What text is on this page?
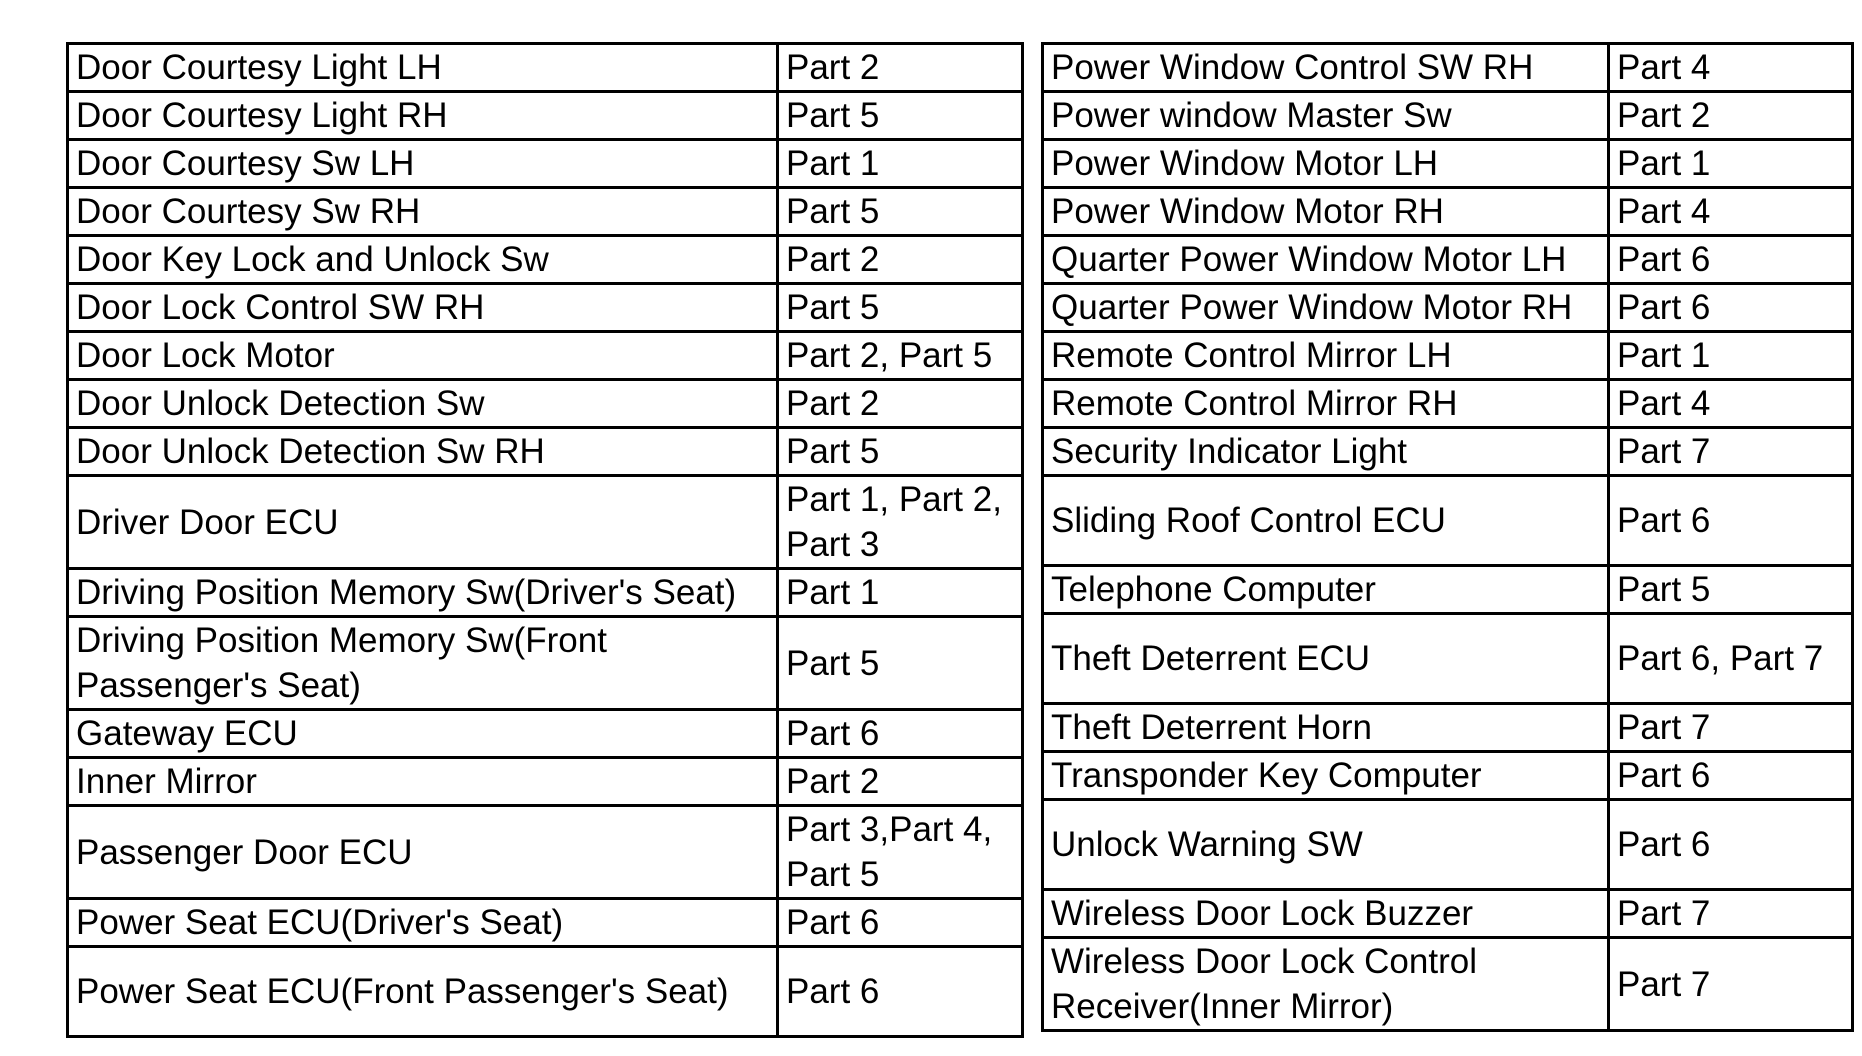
Door Courtesy Light LH	Part 2
Door Courtesy Light RH	Part 5
Door Courtesy Sw LH	Part 1
Door Courtesy Sw RH	Part 5
Door Key Lock and Unlock Sw	Part 2
Door Lock Control SW RH	Part 5
Door Lock Motor	Part 2, Part 5
Door Unlock Detection Sw	Part 2
Door Unlock Detection Sw RH	Part 5
Driver Door ECU	Part 1, Part 2, Part 3
Driving Position Memory Sw(Driver's Seat)	Part 1
Driving Position Memory Sw(Front Passenger's Seat)	Part 5
Gateway ECU	Part 6
Inner Mirror	Part 2
Passenger Door ECU	Part 3,Part 4, Part 5
Power Seat ECU(Driver's Seat)	Part 6
Power Seat ECU(Front Passenger's Seat)	Part 6
Power Window Control SW RH	Part 4
Power window Master Sw	Part 2
Power Window Motor LH	Part 1
Power Window Motor RH	Part 4
Quarter Power Window Motor LH	Part 6
Quarter Power Window Motor RH	Part 6
Remote Control Mirror LH	Part 1
Remote Control Mirror RH	Part 4
Security Indicator Light	Part 7
Sliding Roof Control ECU	Part 6
Telephone Computer	Part 5
Theft Deterrent ECU	Part 6, Part 7
Theft Deterrent Horn	Part 7
Transponder Key Computer	Part 6
Unlock Warning SW	Part 6
Wireless Door Lock Buzzer	Part 7
Wireless Door Lock Control Receiver(Inner Mirror)	Part 7
